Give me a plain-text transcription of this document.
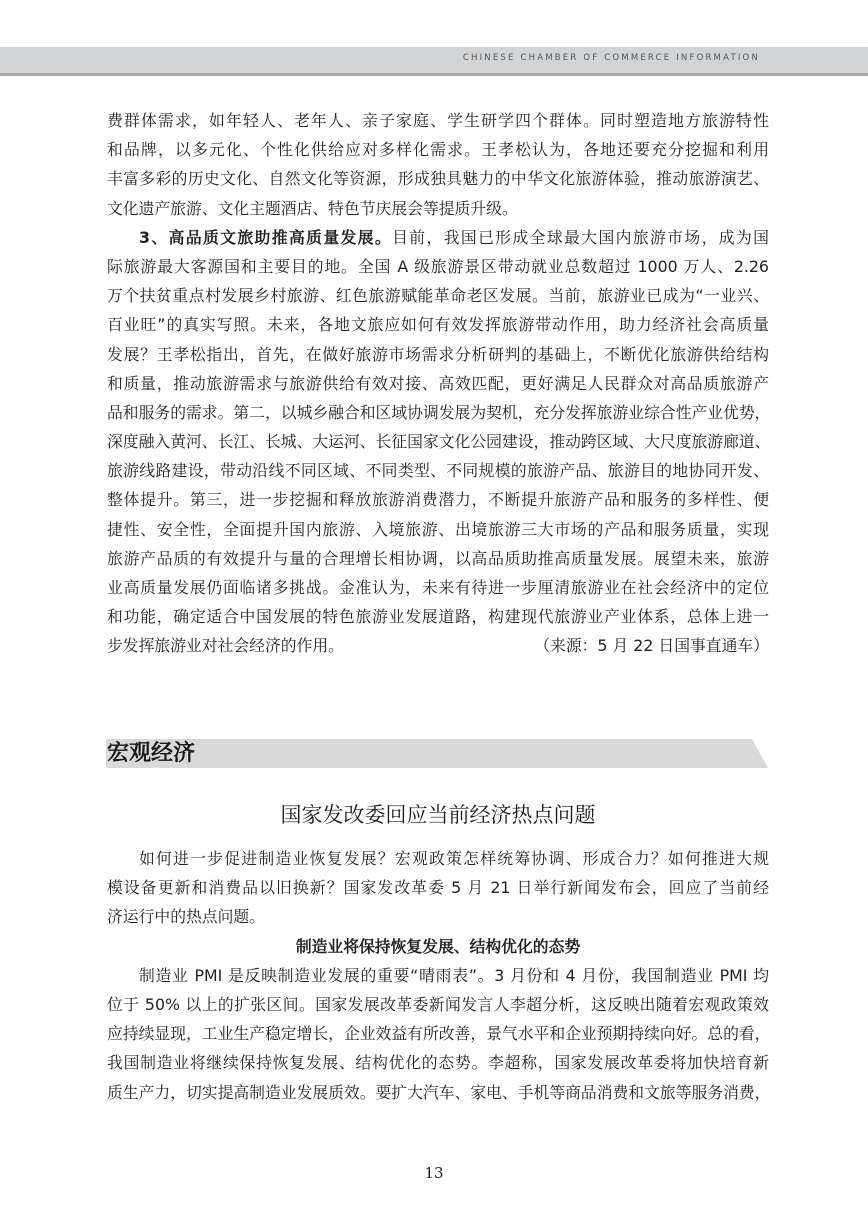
CHINESE CHAMBER OF COMMERCE INFORMATION
费群体需求，如年轻人、老年人、亲子家庭、学生研学四个群体。同时塑造地方旅游特性
和品牌，以多元化、个性化供给应对多样化需求。王孝松认为，各地还要充分挖掘和利用
丰富多彩的历史文化、自然文化等资源，形成独具魅力的中华文化旅游体验，推动旅游演艺、
文化遗产旅游、文化主题酒店、特色节庆展会等提质升级。
3、高品质文旅助推高质量发展。目前，我国已形成全球最大国内旅游市场，成为国
际旅游最大客源国和主要目的地。全国 A 级旅游景区带动就业总数超过 1000 万人、2.26
万个扶贫重点村发展乡村旅游、红色旅游赋能革命老区发展。当前，旅游业已成为“一业兴、
百业旺”的真实写照。未来，各地文旅应如何有效发挥旅游带动作用，助力经济社会高质量
发展？王孝松指出，首先，在做好旅游市场需求分析研判的基础上，不断优化旅游供给结构
和质量，推动旅游需求与旅游供给有效对接、高效匹配，更好满足人民群众对高品质旅游产
品和服务的需求。第二，以城乡融合和区域协调发展为契机，充分发挥旅游业综合性产业优势，
深度融入黄河、长江、长城、大运河、长征国家文化公园建设，推动跨区域、大尺度旅游廊道、
旅游线路建设，带动沿线不同区域、不同类型、不同规模的旅游产品、旅游目的地协同开发、
整体提升。第三，进一步挖掘和释放旅游消费潜力，不断提升旅游产品和服务的多样性、便
捷性、安全性，全面提升国内旅游、入境旅游、出境旅游三大市场的产品和服务质量，实现
旅游产品质的有效提升与量的合理增长相协调，以高品质助推高质量发展。展望未来，旅游
业高质量发展仍面临诸多挑战。金准认为，未来有待进一步厘清旅游业在社会经济中的定位
和功能，确定适合中国发展的特色旅游业发展道路，构建现代旅游业产业体系，总体上进一
步发挥旅游业对社会经济的作用。	（来源：5 月 22 日国事直通车）
宏观经济
国家发改委回应当前经济热点问题
如何进一步促进制造业恢复发展？宏观政策怎样统筹协调、形成合力？如何推进大规
模设备更新和消费品以旧换新？国家发改革委 5 月 21 日举行新闻发布会，回应了当前经
济运行中的热点问题。
制造业将保持恢复发展、结构优化的态势
制造业 PMI 是反映制造业发展的重要“晴雨表”。3 月份和 4 月份，我国制造业 PMI 均
位于 50% 以上的扩张区间。国家发展改革委新闻发言人李超分析，这反映出随着宏观政策效
应持续显现，工业生产稳定增长，企业效益有所改善，景气水平和企业预期持续向好。总的看，
我国制造业将继续保持恢复发展、结构优化的态势。李超称，国家发展改革委将加快培育新
质生产力，切实提高制造业发展质效。要扩大汽车、家电、手机等商品消费和文旅等服务消费，
13
